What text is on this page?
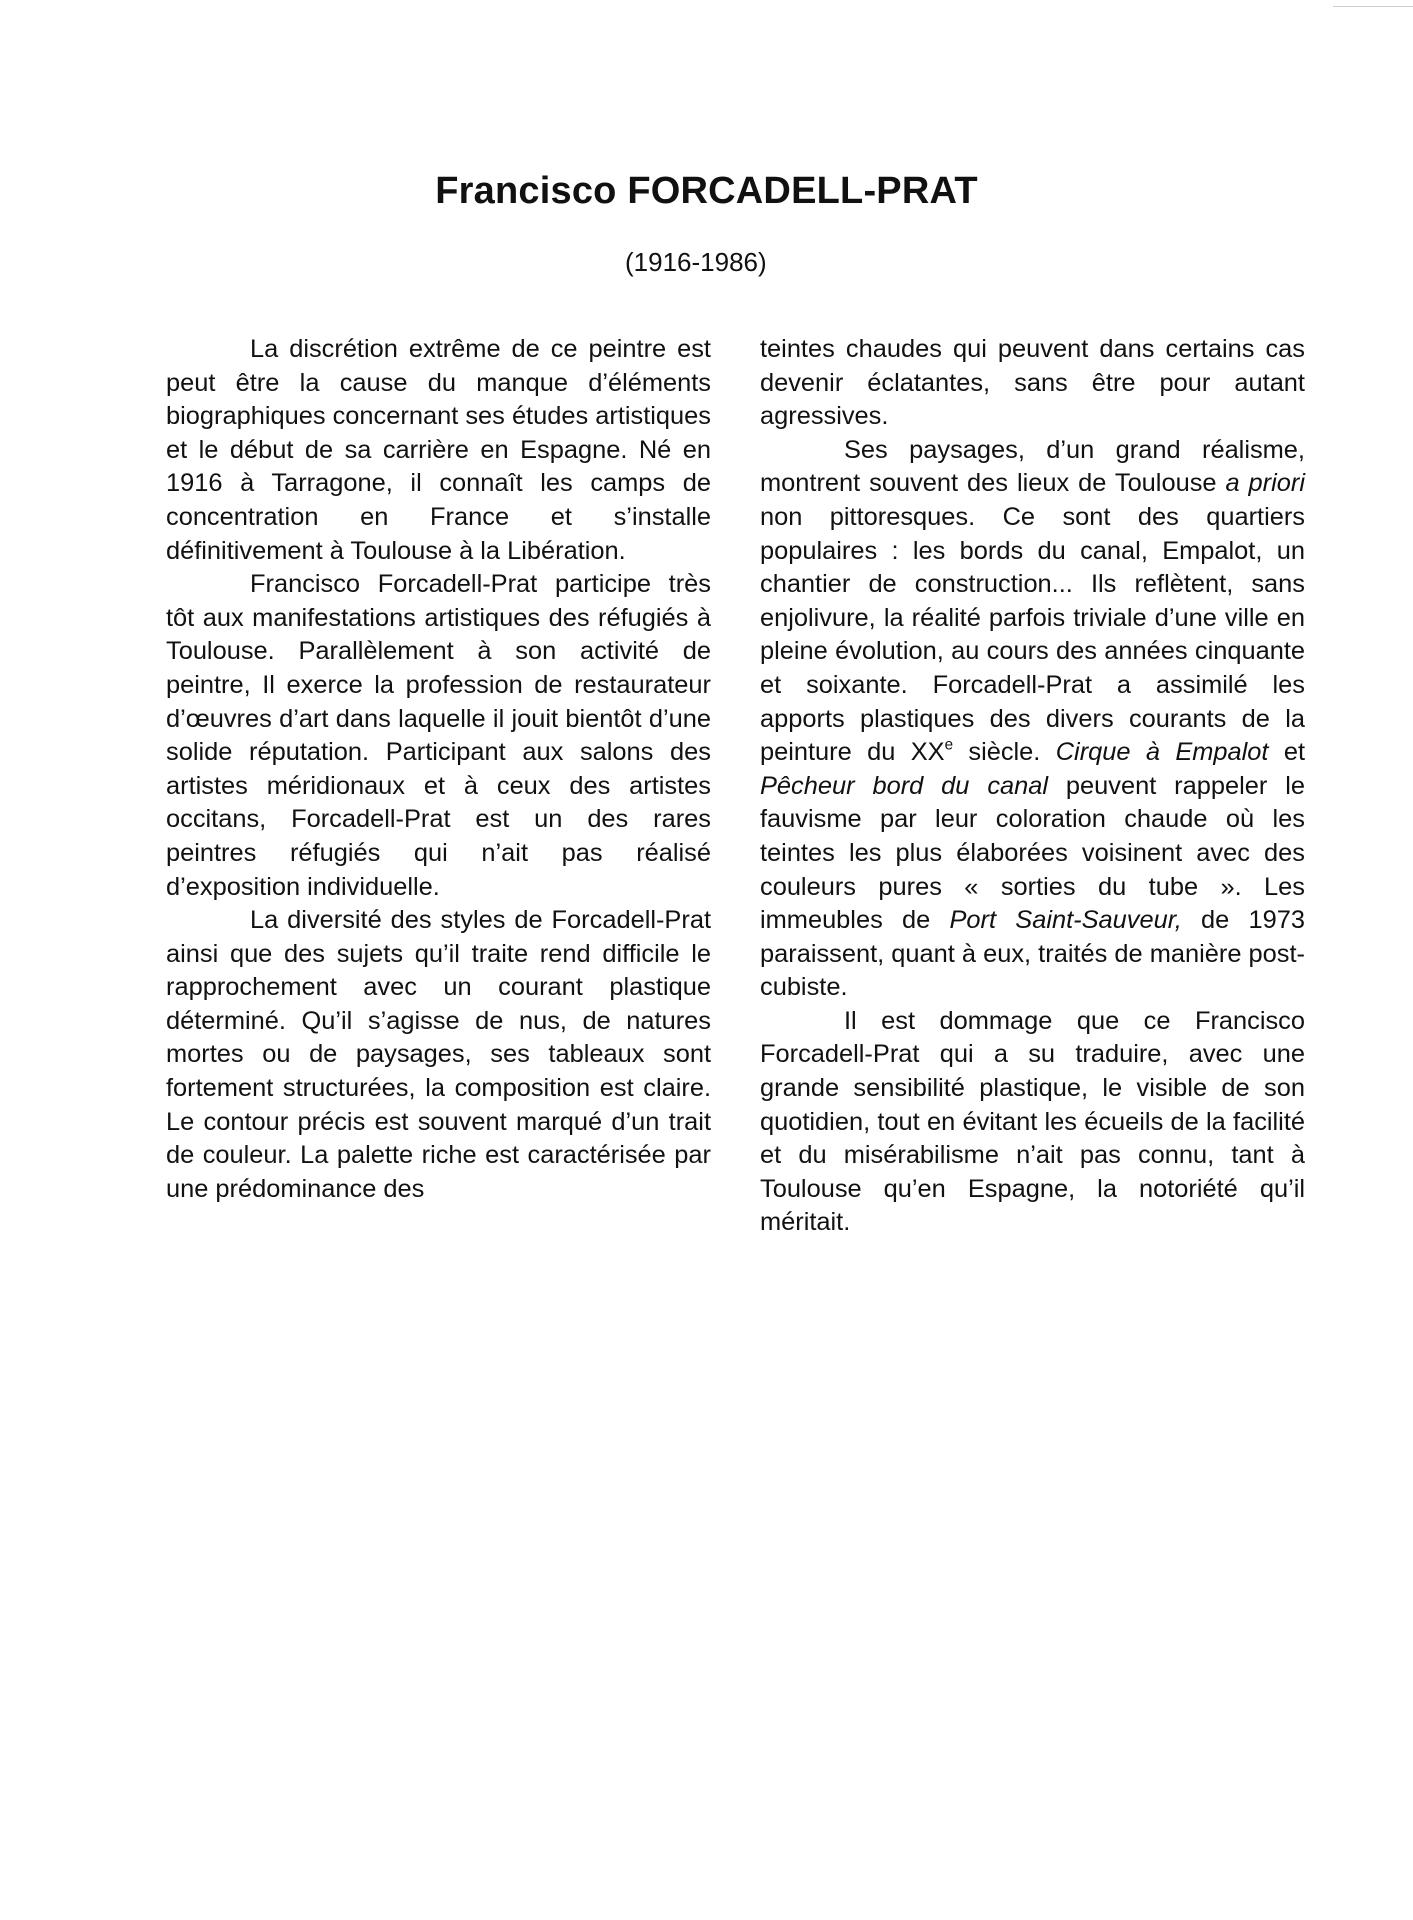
Francisco FORCADELL-PRAT
(1916-1986)

La discrétion extrême de ce peintre est peut être la cause du manque d’éléments biographiques concernant ses études artistiques et le début de sa carrière en Espagne. Né en 1916 à Tarragone, il connaît les camps de concentration en France et s’installe définitivement à Toulouse à la Libération.

Francisco Forcadell-Prat participe très tôt aux manifestations artistiques des réfugiés à Toulouse. Parallèlement à son activité de peintre, Il exerce la profession de restaurateur d’œuvres d’art dans laquelle il jouit bientôt d’une solide réputation. Participant aux salons des artistes méridionaux et à ceux des artistes occitans, Forcadell-Prat est un des rares peintres réfugiés qui n’ait pas réalisé d’exposition individuelle.

La diversité des styles de Forcadell-Prat ainsi que des sujets qu’il traite rend difficile le rapprochement avec un courant plastique déterminé. Qu’il s’agisse de nus, de natures mortes ou de paysages, ses tableaux sont fortement structurées, la composition est claire. Le contour précis est souvent marqué d’un trait de couleur. La palette riche est caractérisée par une prédominance des

teintes chaudes qui peuvent dans certains cas devenir éclatantes, sans être pour autant agressives.

Ses paysages, d’un grand réalisme, montrent souvent des lieux de Toulouse a priori non pittoresques. Ce sont des quartiers populaires : les bords du canal, Empalot, un chantier de construction... Ils reflètent, sans enjolivure, la réalité parfois triviale d’une ville en pleine évolution, au cours des années cinquante et soixante. Forcadell-Prat a assimilé les apports plastiques des divers courants de la peinture du XXe siècle. Cirque à Empalot et Pêcheur bord du canal peuvent rappeler le fauvisme par leur coloration chaude où les teintes les plus élaborées voisinent avec des couleurs pures « sorties du tube ». Les immeubles de Port Saint-Sauveur, de 1973 paraissent, quant à eux, traités de manière post-cubiste.

Il est dommage que ce Francisco Forcadell-Prat qui a su traduire, avec une grande sensibilité plastique, le visible de son quotidien, tout en évitant les écueils de la facilité et du misérabilisme n’ait pas connu, tant à Toulouse qu’en Espagne, la notoriété qu’il méritait.
